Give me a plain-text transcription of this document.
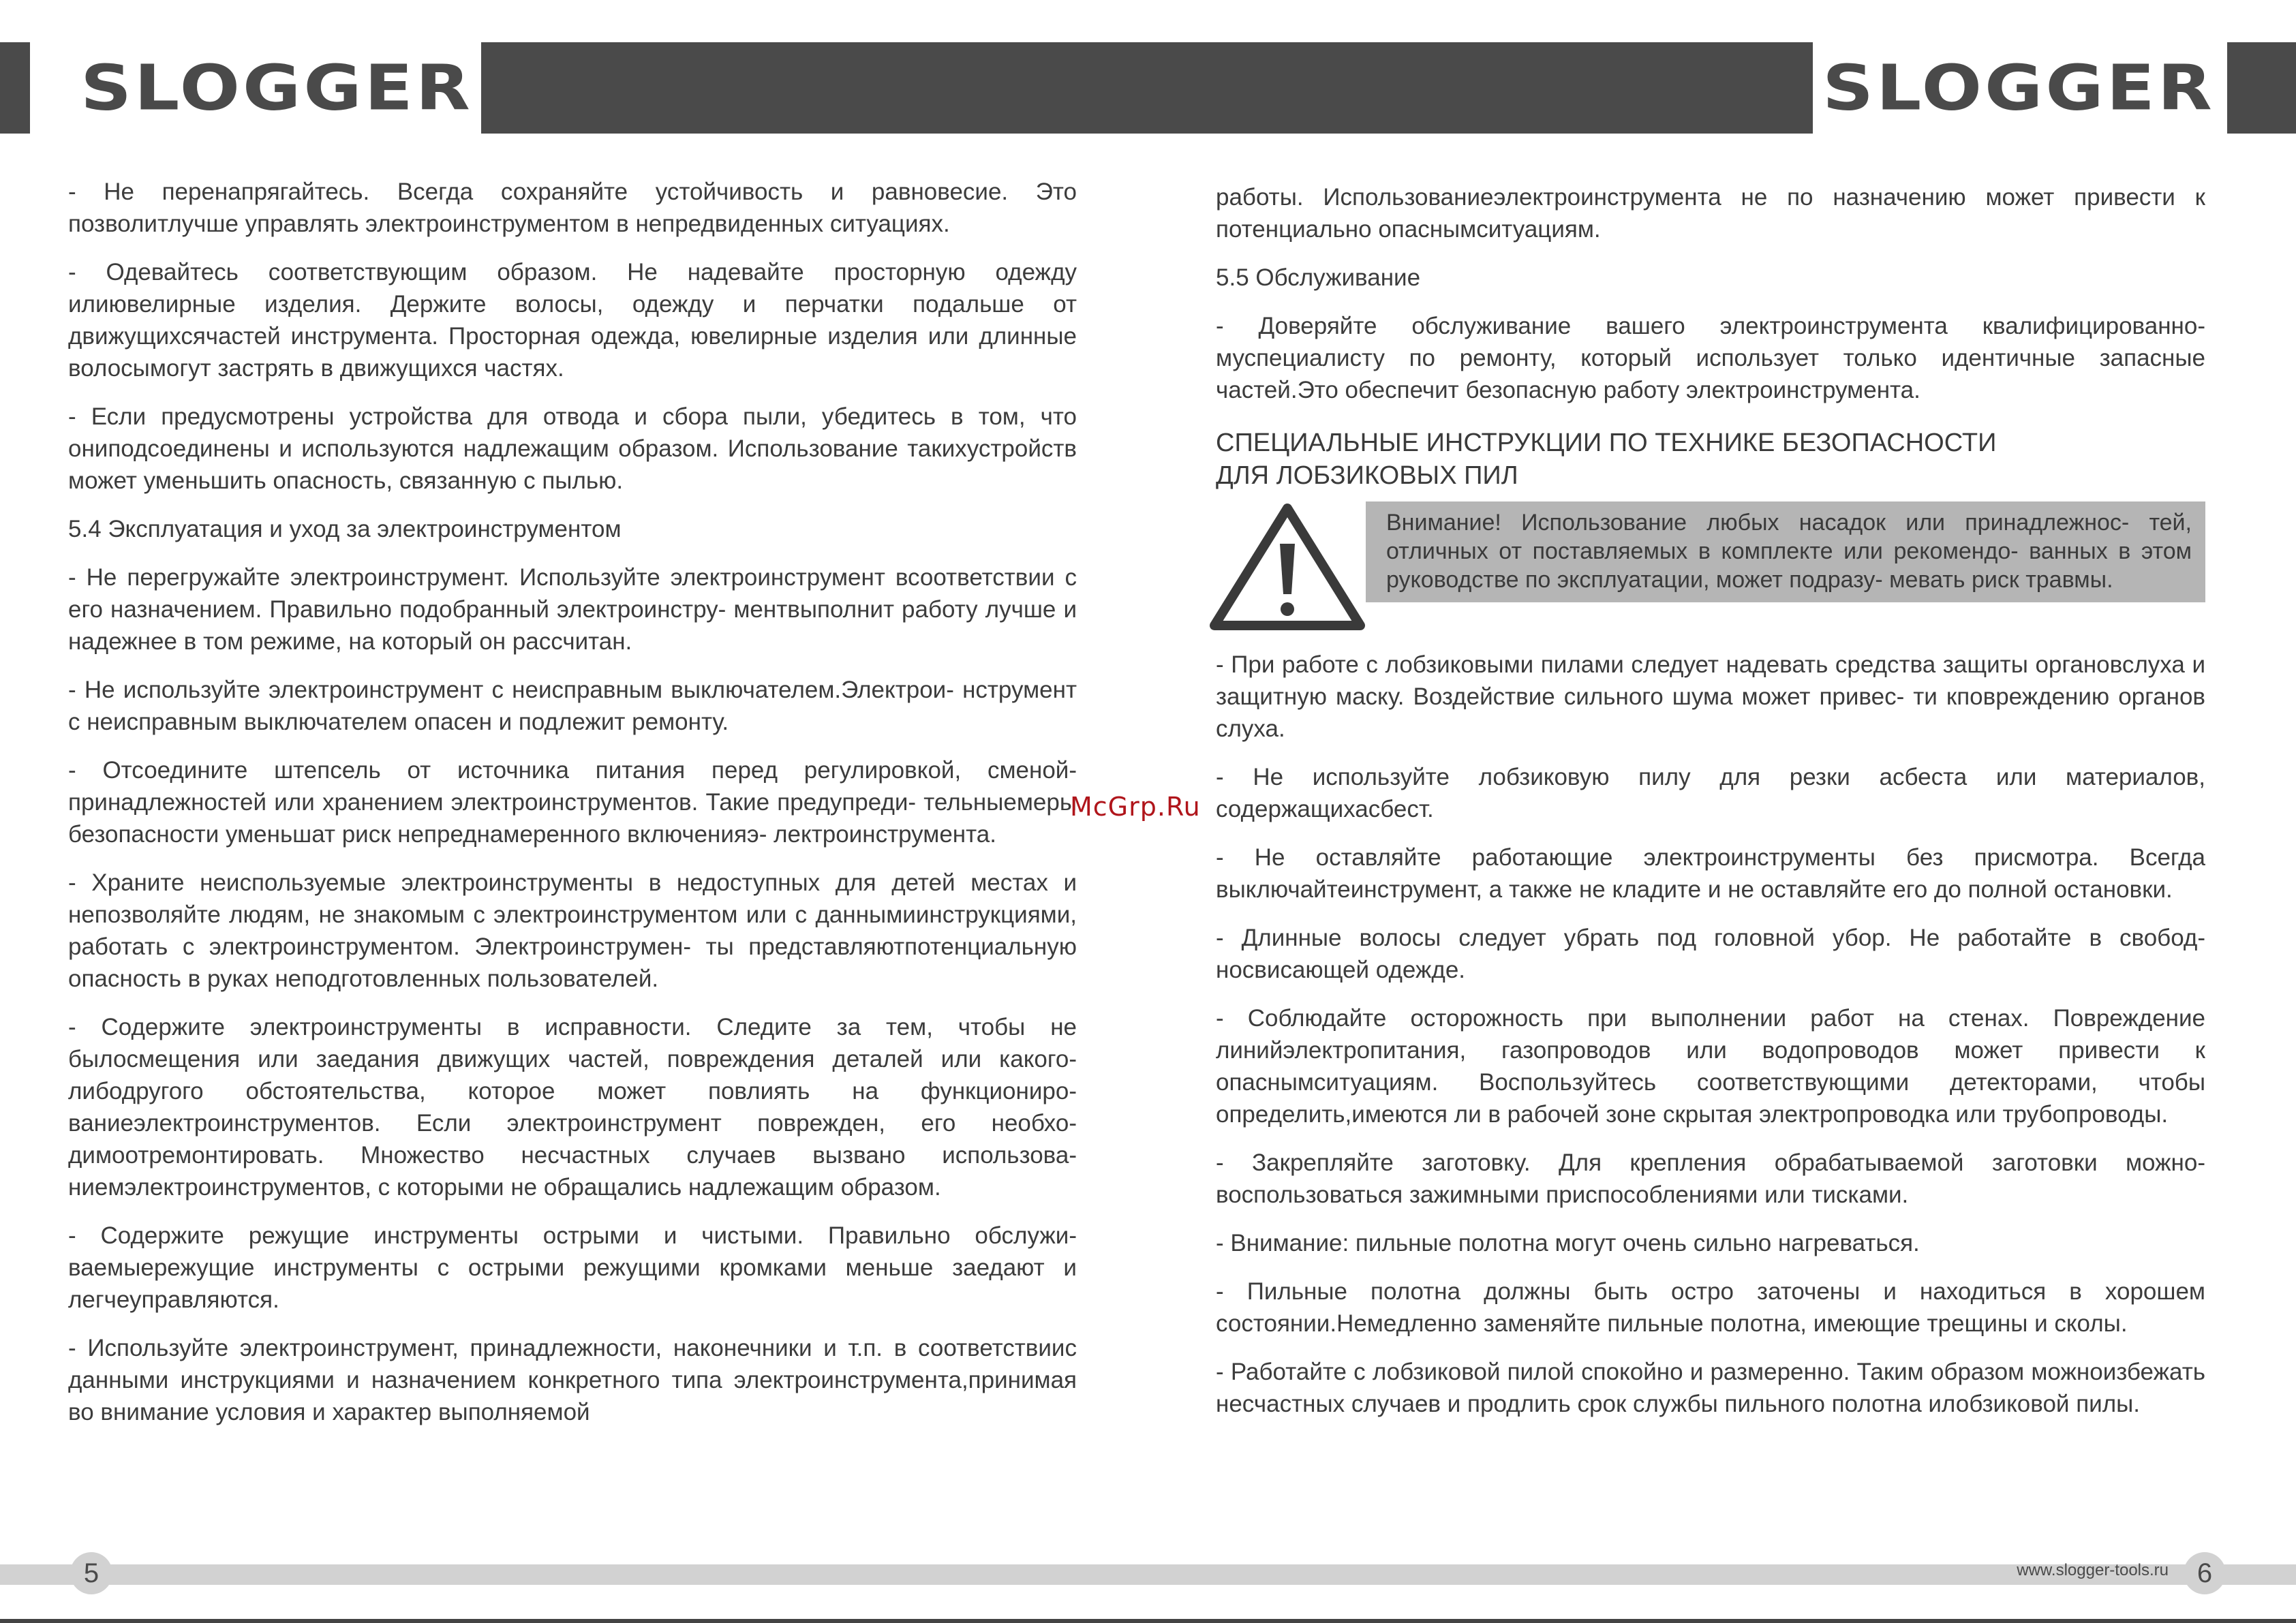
SLOGGER	SLOGGER

- Не перенапрягайтесь. Всегда сохраняйте устойчивость и равновесие. Это позволитлучше управлять электроинструментом в непредвиденных ситуациях.

- Одевайтесь соответствующим образом. Не надевайте просторную одежду илиювелирные изделия. Держите волосы, одежду и перчатки подальше от движущихсячастей инструмента. Просторная одежда, ювелирные изделия или длинные волосымогут застрять в движущихся частях.

- Если предусмотрены устройства для отвода и сбора пыли, убедитесь в том, что ониподсоединены и используются надлежащим образом. Использование такихустройств может уменьшить опасность, связанную с пылью.

5.4 Эксплуатация и уход за электроинструментом

- Не перегружайте электроинструмент. Используйте электроинструмент всоответствии с его назначением. Правильно подобранный электроинстру- ментвыполнит работу лучше и надежнее в том режиме, на который он рассчитан.

- Не используйте электроинструмент с неисправным выключателем.Электрои- нструмент с неисправным выключателем опасен и подлежит ремонту.

- Отсоедините штепсель от источника питания перед регулировкой, сменой- принадлежностей или хранением электроинструментов. Такие предупреди- тельныемеры безопасности уменьшат риск непреднамеренного включенияэ- лектроинструмента.

- Храните неиспользуемые электроинструменты в недоступных для детей местах и непозволяйте людям, не знакомым с электроинструментом или с даннымиинструкциями, работать с электроинструментом. Электроинструмен- ты представляютпотенциальную опасность в руках неподготовленных пользователей.

- Содержите электроинструменты в исправности. Следите за тем, чтобы не былосмещения или заедания движущих частей, повреждения деталей или какого-либодругого обстоятельства, которое может повлиять на функциониро- ваниеэлектроинструментов. Если электроинструмент поврежден, его необхо- димоотремонтировать. Множество несчастных случаев вызвано использова- ниемэлектроинструментов, с которыми не обращались надлежащим образом.

- Содержите режущие инструменты острыми и чистыми. Правильно обслужи- ваемыережущие инструменты с острыми режущими кромками меньше заедают и легчеуправляются.

- Используйте электроинструмент, принадлежности, наконечники и т.п. в соответствиис данными инструкциями и назначением конкретного типа электроинструмента,принимая во внимание условия и характер выполняемой

McGrp.Ru

работы. Использованиеэлектроинструмента не по назначению может привести к потенциально опаснымситуациям.

5.5 Обслуживание

- Доверяйте обслуживание вашего электроинструмента квалифицированно- муспециалисту по ремонту, который использует только идентичные запасные частей.Это обеспечит безопасную работу электроинструмента.

СПЕЦИАЛЬНЫЕ ИНСТРУКЦИИ ПО ТЕХНИКЕ БЕЗОПАСНОСТИ
ДЛЯ ЛОБЗИКОВЫХ ПИЛ
Внимание! Использование любых насадок или принадлежнос- тей, отличных от поставляемых в комплекте или рекомендо- ванных в этом руководстве по эксплуатации, может подразу- мевать риск травмы.

- При работе с лобзиковыми пилами следует надевать средства защиты органовслуха и защитную маску. Воздействие сильного шума может привес- ти кповреждению органов слуха.

- Не используйте лобзиковую пилу для резки асбеста или материалов, содержащихасбест.

- Не оставляйте работающие электроинструменты без присмотра. Всегда выключайтеинструмент, а также не кладите и не оставляйте его до полной остановки.

- Длинные волосы следует убрать под головной убор. Не работайте в свобод- носвисающей одежде.

- Соблюдайте осторожность при выполнении работ на стенах. Повреждение линийэлектропитания, газопроводов или водопроводов может привести к опаснымситуациям. Воспользуйтесь соответствующими детекторами, чтобы определить,имеются ли в рабочей зоне скрытая электропроводка или трубопроводы.

- Закрепляйте заготовку. Для крепления обрабатываемой заготовки можно- воспользоваться зажимными приспособлениями или тисками.

- Внимание: пильные полотна могут очень сильно нагреваться.

- Пильные полотна должны быть остро заточены и находиться в хорошем состоянии.Немедленно заменяйте пильные полотна, имеющие трещины и сколы.

- Работайте с лобзиковой пилой спокойно и размеренно. Таким образом можноизбежать несчастных случаев и продлить срок службы пильного полотна илобзиковой пилы.

5	www.slogger-tools.ru	6
